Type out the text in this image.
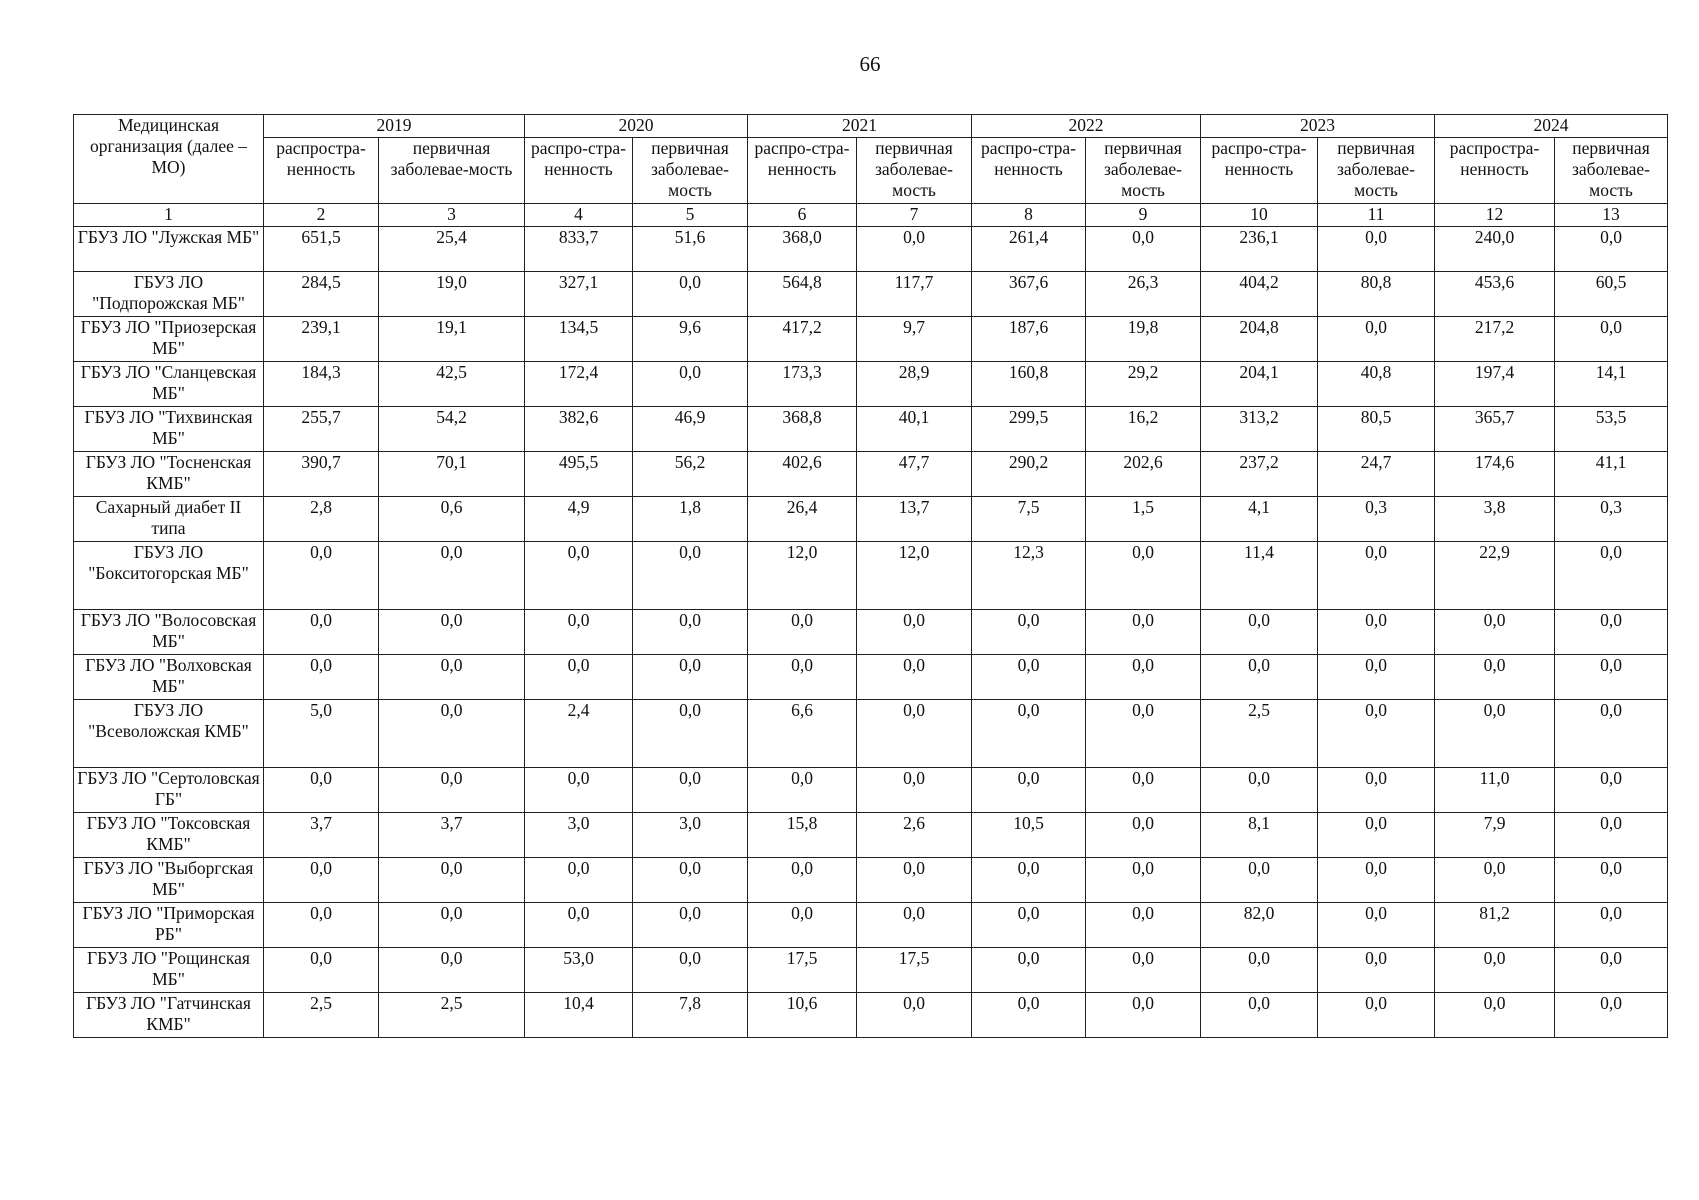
66
Медицинская организация (далее – МО)	2019		2020		2021		2022		2023		2024	
	распростра-ненность	первичная заболевае-мость	распро-стра-ненность	первичная заболевае-мость	распро-стра-ненность	первичная заболевае-мость	распро-стра-ненность	первичная заболевае-мость	распро-стра-ненность	первичная заболевае-мость	распростра-ненность	первичная заболевае-мость
1	2	3	4	5	6	7	8	9	10	11	12	13
ГБУЗ ЛО "Лужская МБ"	651,5	25,4	833,7	51,6	368,0	0,0	261,4	0,0	236,1	0,0	240,0	0,0
ГБУЗ ЛО "Подпорожская МБ"	284,5	19,0	327,1	0,0	564,8	117,7	367,6	26,3	404,2	80,8	453,6	60,5
ГБУЗ ЛО "Приозерская МБ"	239,1	19,1	134,5	9,6	417,2	9,7	187,6	19,8	204,8	0,0	217,2	0,0
ГБУЗ ЛО "Сланцевская МБ"	184,3	42,5	172,4	0,0	173,3	28,9	160,8	29,2	204,1	40,8	197,4	14,1
ГБУЗ ЛО "Тихвинская МБ"	255,7	54,2	382,6	46,9	368,8	40,1	299,5	16,2	313,2	80,5	365,7	53,5
ГБУЗ ЛО "Тосненская КМБ"	390,7	70,1	495,5	56,2	402,6	47,7	290,2	202,6	237,2	24,7	174,6	41,1
Сахарный диабет II типа	2,8	0,6	4,9	1,8	26,4	13,7	7,5	1,5	4,1	0,3	3,8	0,3
ГБУЗ ЛО "Бокситогорская МБ"	0,0	0,0	0,0	0,0	12,0	12,0	12,3	0,0	11,4	0,0	22,9	0,0
ГБУЗ ЛО "Волосовская МБ"	0,0	0,0	0,0	0,0	0,0	0,0	0,0	0,0	0,0	0,0	0,0	0,0
ГБУЗ ЛО "Волховская МБ"	0,0	0,0	0,0	0,0	0,0	0,0	0,0	0,0	0,0	0,0	0,0	0,0
ГБУЗ ЛО "Всеволожская КМБ"	5,0	0,0	2,4	0,0	6,6	0,0	0,0	0,0	2,5	0,0	0,0	0,0
ГБУЗ ЛО "Сертоловская ГБ"	0,0	0,0	0,0	0,0	0,0	0,0	0,0	0,0	0,0	0,0	11,0	0,0
ГБУЗ ЛО "Токсовская КМБ"	3,7	3,7	3,0	3,0	15,8	2,6	10,5	0,0	8,1	0,0	7,9	0,0
ГБУЗ ЛО "Выборгская МБ"	0,0	0,0	0,0	0,0	0,0	0,0	0,0	0,0	0,0	0,0	0,0	0,0
ГБУЗ ЛО "Приморская РБ"	0,0	0,0	0,0	0,0	0,0	0,0	0,0	0,0	82,0	0,0	81,2	0,0
ГБУЗ ЛО "Рощинская МБ"	0,0	0,0	53,0	0,0	17,5	17,5	0,0	0,0	0,0	0,0	0,0	0,0
ГБУЗ ЛО "Гатчинская КМБ"	2,5	2,5	10,4	7,8	10,6	0,0	0,0	0,0	0,0	0,0	0,0	0,0
